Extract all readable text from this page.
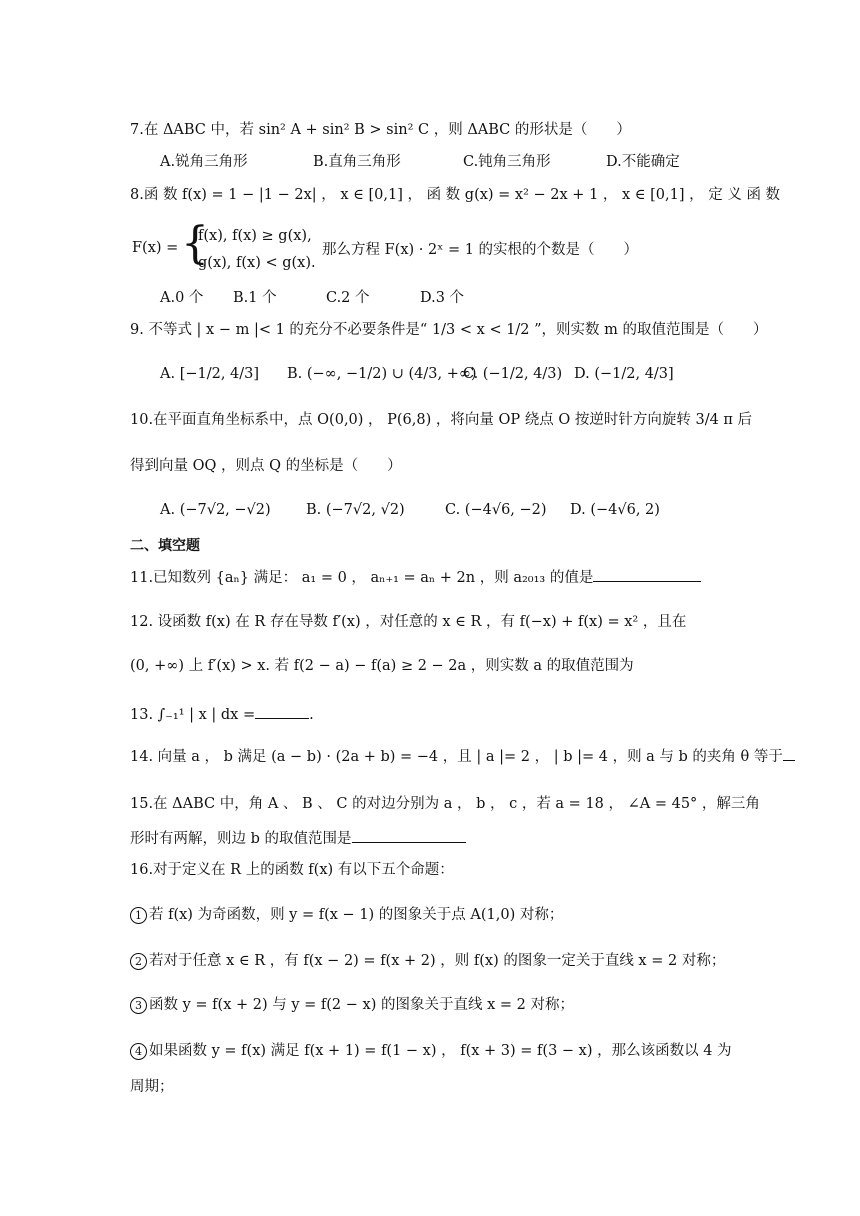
7.在 ΔABC 中，若 sin² A + sin² B > sin² C ，则 ΔABC 的形状是（　　）
A.锐角三角形	B.直角三角形	C.钝角三角形	D.不能确定
8.函 数 f(x) = 1 − |1 − 2x| ， x ∈ [0,1] ， 函 数 g(x) = x² − 2x + 1 ， x ∈ [0,1] ， 定 义 函 数
F(x) = {
f(x), f(x) ≥ g(x),
g(x), f(x) < g(x).
那么方程 F(x) · 2ˣ = 1 的实根的个数是（　　）
A.0 个 B.1 个	C.2 个	D.3 个
9. 不等式 | x − m |< 1 的充分不必要条件是“ 1/3 < x < 1/2 ”，则实数 m 的取值范围是（　　）
A. [−1/2, 4/3] B. (−∞, −1/2) ∪ (4/3, +∞)
C. (−1/2, 4/3) D. (−1/2, 4/3]
10.在平面直角坐标系中，点 O(0,0) ， P(6,8) ，将向量 OP 绕点 O 按逆时针方向旋转 3/4 π 后
得到向量 OQ ，则点 Q 的坐标是（　　）
A. (−7√2, −√2) B. (−7√2, √2)	C. (−4√6, −2) D. (−4√6, 2)
二、填空题
11.已知数列 {aₙ} 满足： a₁ = 0 ， aₙ₊₁ = aₙ + 2n ，则 a₂₀₁₃ 的值是
12. 设函数 f(x) 在 R 存在导数 f′(x) ，对任意的 x ∈ R ，有 f(−x) + f(x) = x² ，且在
(0, +∞) 上 f′(x) > x. 若 f(2 − a) − f(a) ≥ 2 − 2a ，则实数 a 的取值范围为
13. ∫₋₁¹ | x | dx =	.
14. 向量 a ， b 满足 (a − b) · (2a + b) = −4 ，且 | a |= 2 ， | b |= 4 ，则 a 与 b 的夹角 θ 等于
15.在 ΔABC 中，角 A 、 B 、 C 的对边分别为 a ， b ， c ，若 a = 18 ， ∠A = 45° ，解三角
形时有两解，则边 b 的取值范围是
16.对于定义在 R 上的函数 f(x) 有以下五个命题：
1 若 f(x) 为奇函数，则 y = f(x − 1) 的图象关于点 A(1,0) 对称；
2 若对于任意 x ∈ R ，有 f(x − 2) = f(x + 2) ，则 f(x) 的图象一定关于直线 x = 2 对称；
3 函数 y = f(x + 2) 与 y = f(2 − x) 的图象关于直线 x = 2 对称；
4 如果函数 y = f(x) 满足 f(x + 1) = f(1 − x) ， f(x + 3) = f(3 − x) ，那么该函数以 4 为
周期；
